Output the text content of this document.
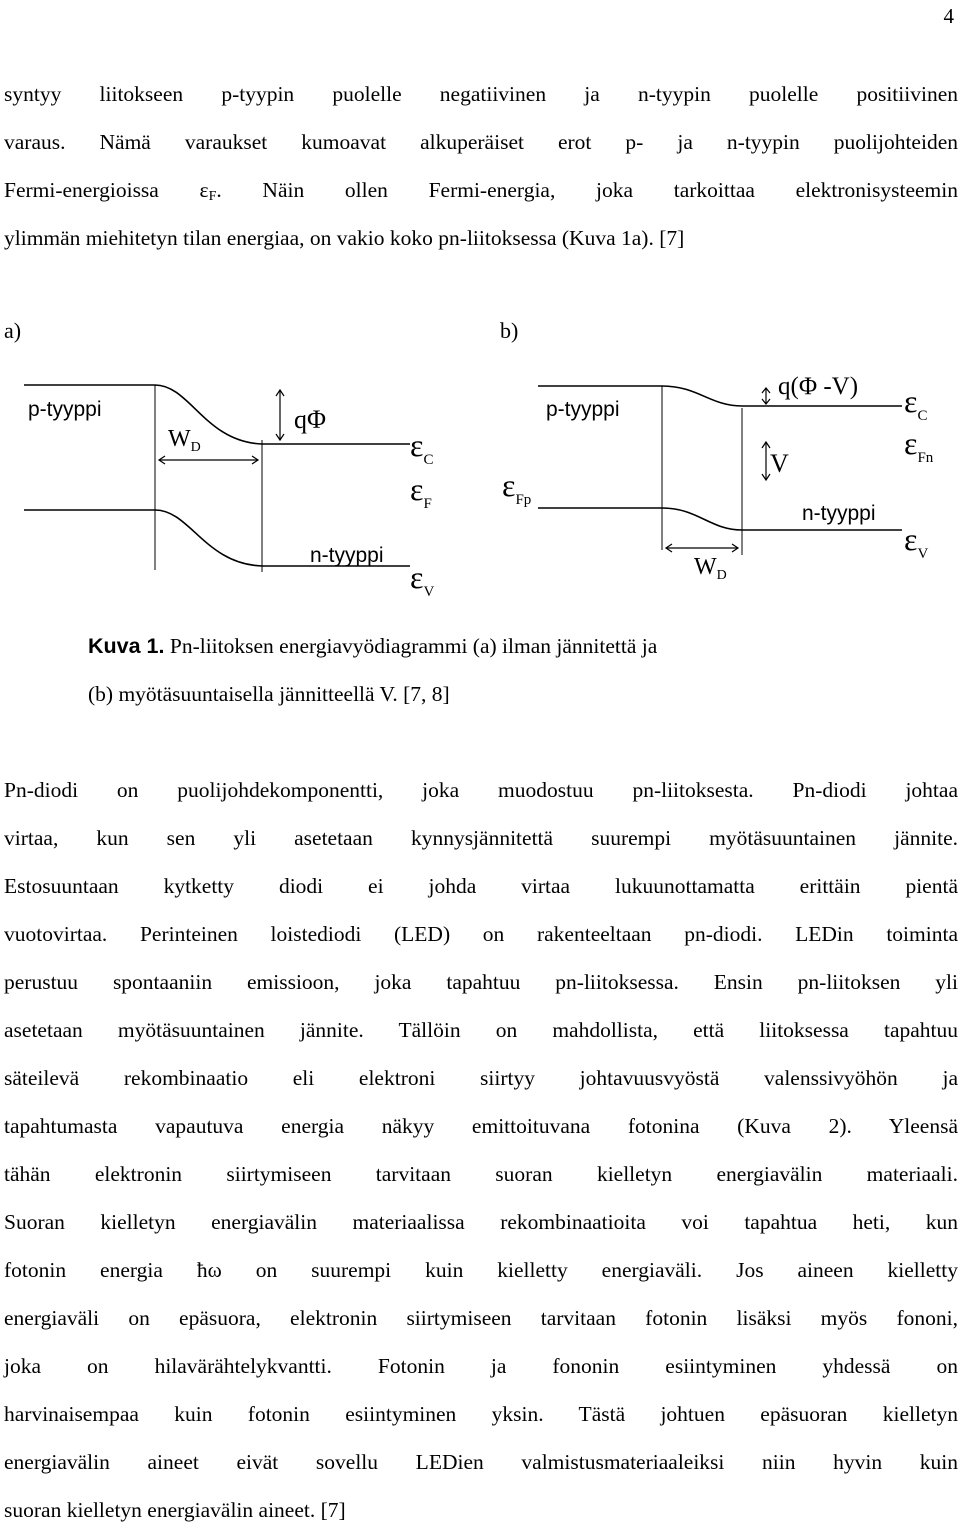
4
syntyy liitokseen p-tyypin puolelle negatiivinen ja n-tyypin puolelle positiivinen
varaus. Nämä varaukset kumoavat alkuperäiset erot p- ja n-tyypin puolijohteiden
Fermi-energioissa $\varepsilon_F$. Näin ollen Fermi-energia, joka tarkoittaa elektronisysteemin
ylimmän miehitetyn tilan energiaa, on vakio koko pn-liitoksessa (Kuva 1a). [7]
a)	b)
p-tyyppi
n-tyyppi
$W_D$
qΦ
$\varepsilon_C$
$\varepsilon_F$
$\varepsilon_V$
p-tyyppi
n-tyyppi
q(Φ -V)
V
$W_D$
$\varepsilon_C$
$\varepsilon_{Fn}$
$\varepsilon_{Fp}$
$\varepsilon_V$
Kuva 1. Pn-liitoksen energiavyödiagrammi (a) ilman jännitettä ja
(b) myötäsuuntaisella jännitteellä V. [7, 8]
Pn-diodi on puolijohdekomponentti, joka muodostuu pn-liitoksesta. Pn-diodi johtaa
virtaa, kun sen yli asetetaan kynnysjännitettä suurempi myötäsuuntainen jännite.
Estosuuntaan kytketty diodi ei johda virtaa lukuunottamatta erittäin pientä
vuotovirtaa. Perinteinen loistediodi (LED) on rakenteeltaan pn-diodi. LEDin toiminta
perustuu spontaaniin emissioon, joka tapahtuu pn-liitoksessa. Ensin pn-liitoksen yli
asetetaan myötäsuuntainen jännite. Tällöin on mahdollista, että liitoksessa tapahtuu
säteilevä rekombinaatio eli elektroni siirtyy johtavuusvyöstä valenssivyöhön ja
tapahtumasta vapautuva energia näkyy emittoituvana fotonina (Kuva 2). Yleensä
tähän elektronin siirtymiseen tarvitaan suoran kielletyn energiavälin materiaali.
Suoran kielletyn energiavälin materiaalissa rekombinaatioita voi tapahtua heti, kun
fotonin energia ħω on suurempi kuin kielletty energiaväli. Jos aineen kielletty
energiaväli on epäsuora, elektronin siirtymiseen tarvitaan fotonin lisäksi myös fononi,
joka on hilavärähtelykvantti. Fotonin ja fononin esiintyminen yhdessä on
harvinaisempaa kuin fotonin esiintyminen yksin. Tästä johtuen epäsuoran kielletyn
energiavälin aineet eivät sovellu LEDien valmistusmateriaaleiksi niin hyvin kuin
suoran kielletyn energiavälin aineet. [7]
